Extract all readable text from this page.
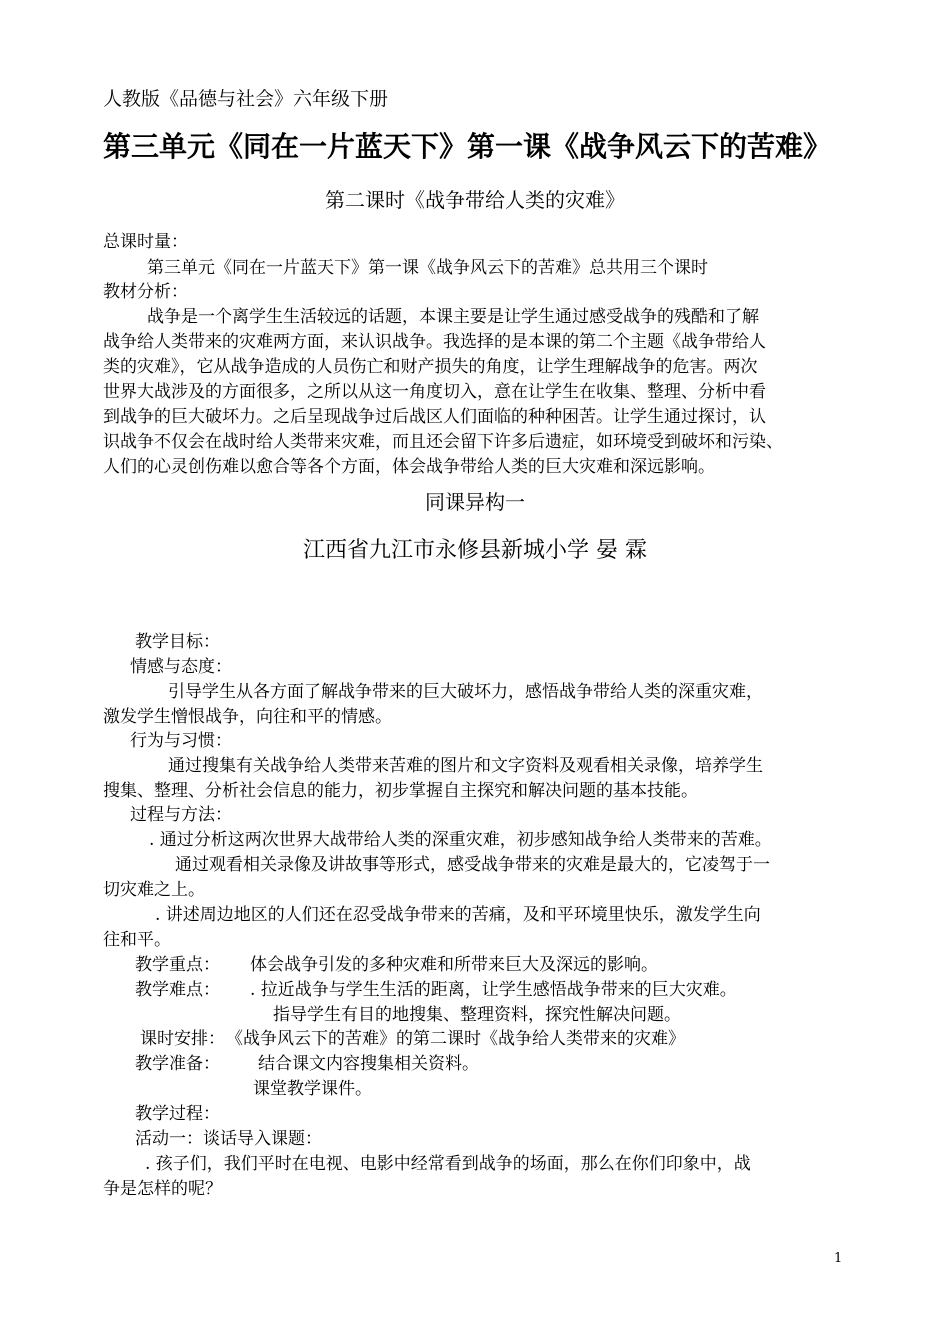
人教版《品德与社会》六年级下册

第三单元《同在一片蓝天下》第一课《战争风云下的苦难》

第二课时《战争带给人类的灾难》

总课时量：

第三单元《同在一片蓝天下》第一课《战争风云下的苦难》总共用三个课时

教材分析：

战争是一个离学生生活较远的话题，本课主要是让学生通过感受战争的残酷和了解

战争给人类带来的灾难两方面，来认识战争。我选择的是本课的第二个主题《战争带给人

类的灾难》，它从战争造成的人员伤亡和财产损失的角度，让学生理解战争的危害。两次

世界大战涉及的方面很多，之所以从这一角度切入，意在让学生在收集、整理、分析中看

到战争的巨大破坏力。之后呈现战争过后战区人们面临的种种困苦。让学生通过探讨，认

识战争不仅会在战时给人类带来灾难，而且还会留下许多后遗症，如环境受到破坏和污染、

人们的心灵创伤难以愈合等各个方面，体会战争带给人类的巨大灾难和深远影响。

同课异构一

江西省九江市永修县新城小学 晏 霖

教学目标：

情感与态度：

引导学生从各方面了解战争带来的巨大破坏力，感悟战争带给人类的深重灾难，

激发学生憎恨战争，向往和平的情感。

行为与习惯：

通过搜集有关战争给人类带来苦难的图片和文字资料及观看相关录像，培养学生

搜集、整理、分析社会信息的能力，初步掌握自主探究和解决问题的基本技能。

过程与方法：

. 通过分析这两次世界大战带给人类的深重灾难，初步感知战争给人类带来的苦难。

通过观看相关录像及讲故事等形式，感受战争带来的灾难是最大的，它凌驾于一

切灾难之上。

. 讲述周边地区的人们还在忍受战争带来的苦痛，及和平环境里快乐，激发学生向

往和平。

教学重点： 体会战争引发的多种灾难和所带来巨大及深远的影响。

教学难点： . 拉近战争与学生生活的距离，让学生感悟战争带来的巨大灾难。

指导学生有目的地搜集、整理资料，探究性解决问题。

课时安排： 《战争风云下的苦难》的第二课时《战争给人类带来的灾难》

教学准备： 结合课文内容搜集相关资料。

课堂教学课件。

教学过程：

活动一：谈话导入课题：

. 孩子们，我们平时在电视、电影中经常看到战争的场面，那么在你们印象中，战

争是怎样的呢？

1
